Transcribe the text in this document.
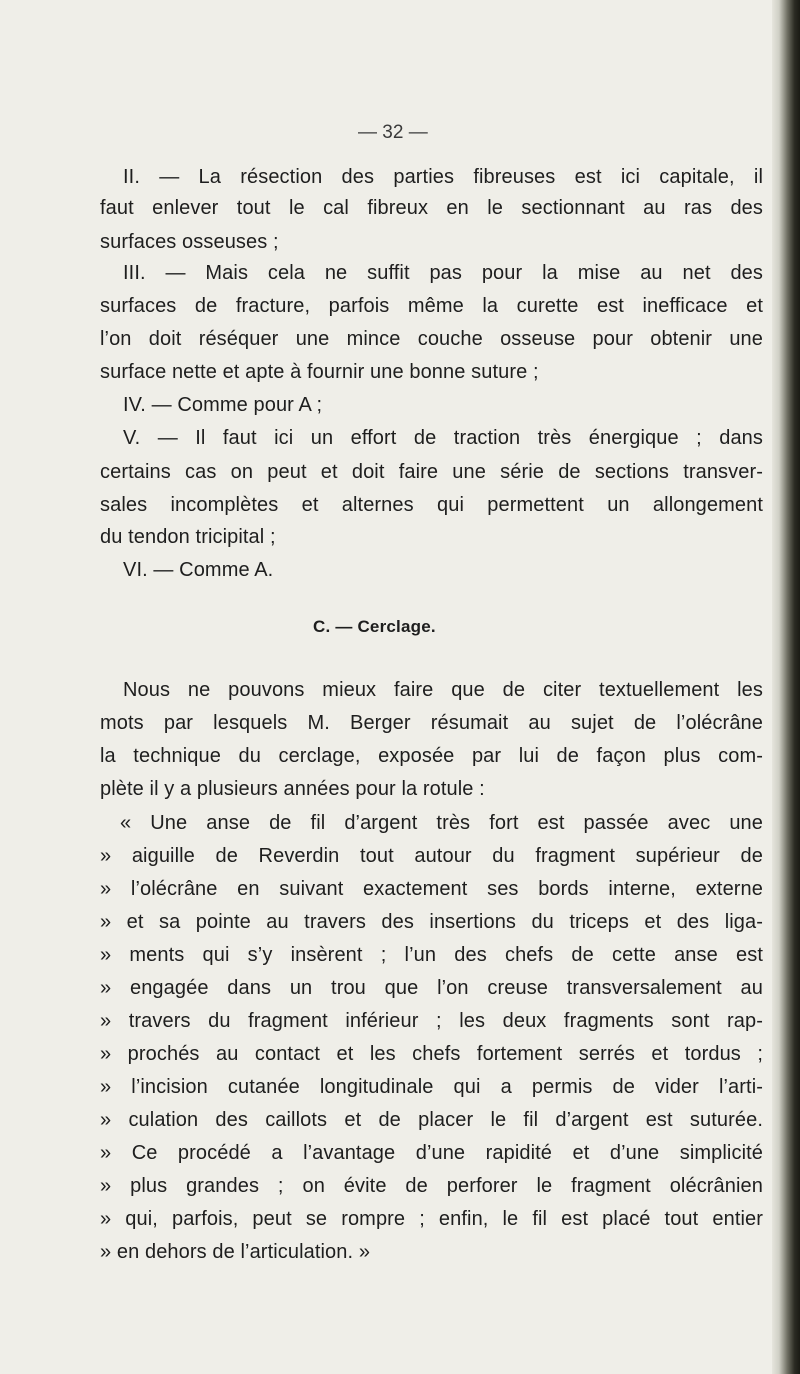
— 32 —
II. — La résection des parties fibreuses est ici capitale, il
faut enlever tout le cal fibreux en le sectionnant au ras des
surfaces osseuses ;
III. — Mais cela ne suffit pas pour la mise au net des
surfaces de fracture, parfois même la curette est inefficace et
l’on doit réséquer une mince couche osseuse pour obtenir une
surface nette et apte à fournir une bonne suture ;
IV. — Comme pour A ;
V. — Il faut ici un effort de traction très énergique ; dans
certains cas on peut et doit faire une série de sections transver-
sales incomplètes et alternes qui permettent un allongement
du tendon tricipital ;
VI. — Comme A.
C. — Cerclage.
Nous ne pouvons mieux faire que de citer textuellement les
mots par lesquels M. Berger résumait au sujet de l’olécrâne
la technique du cerclage, exposée par lui de façon plus com-
plète il y a plusieurs années pour la rotule :
« Une anse de fil d’argent très fort est passée avec une
» aiguille de Reverdin tout autour du fragment supérieur de
» l’olécrâne en suivant exactement ses bords interne, externe
» et sa pointe au travers des insertions du triceps et des liga-
» ments qui s’y insèrent ; l’un des chefs de cette anse est
» engagée dans un trou que l’on creuse transversalement au
» travers du fragment inférieur ; les deux fragments sont rap-
» prochés au contact et les chefs fortement serrés et tordus ;
» l’incision cutanée longitudinale qui a permis de vider l’arti-
» culation des caillots et de placer le fil d’argent est suturée.
» Ce procédé a l’avantage d’une rapidité et d’une simplicité
» plus grandes ; on évite de perforer le fragment olécrânien
» qui, parfois, peut se rompre ; enfin, le fil est placé tout entier
» en dehors de l’articulation. »
